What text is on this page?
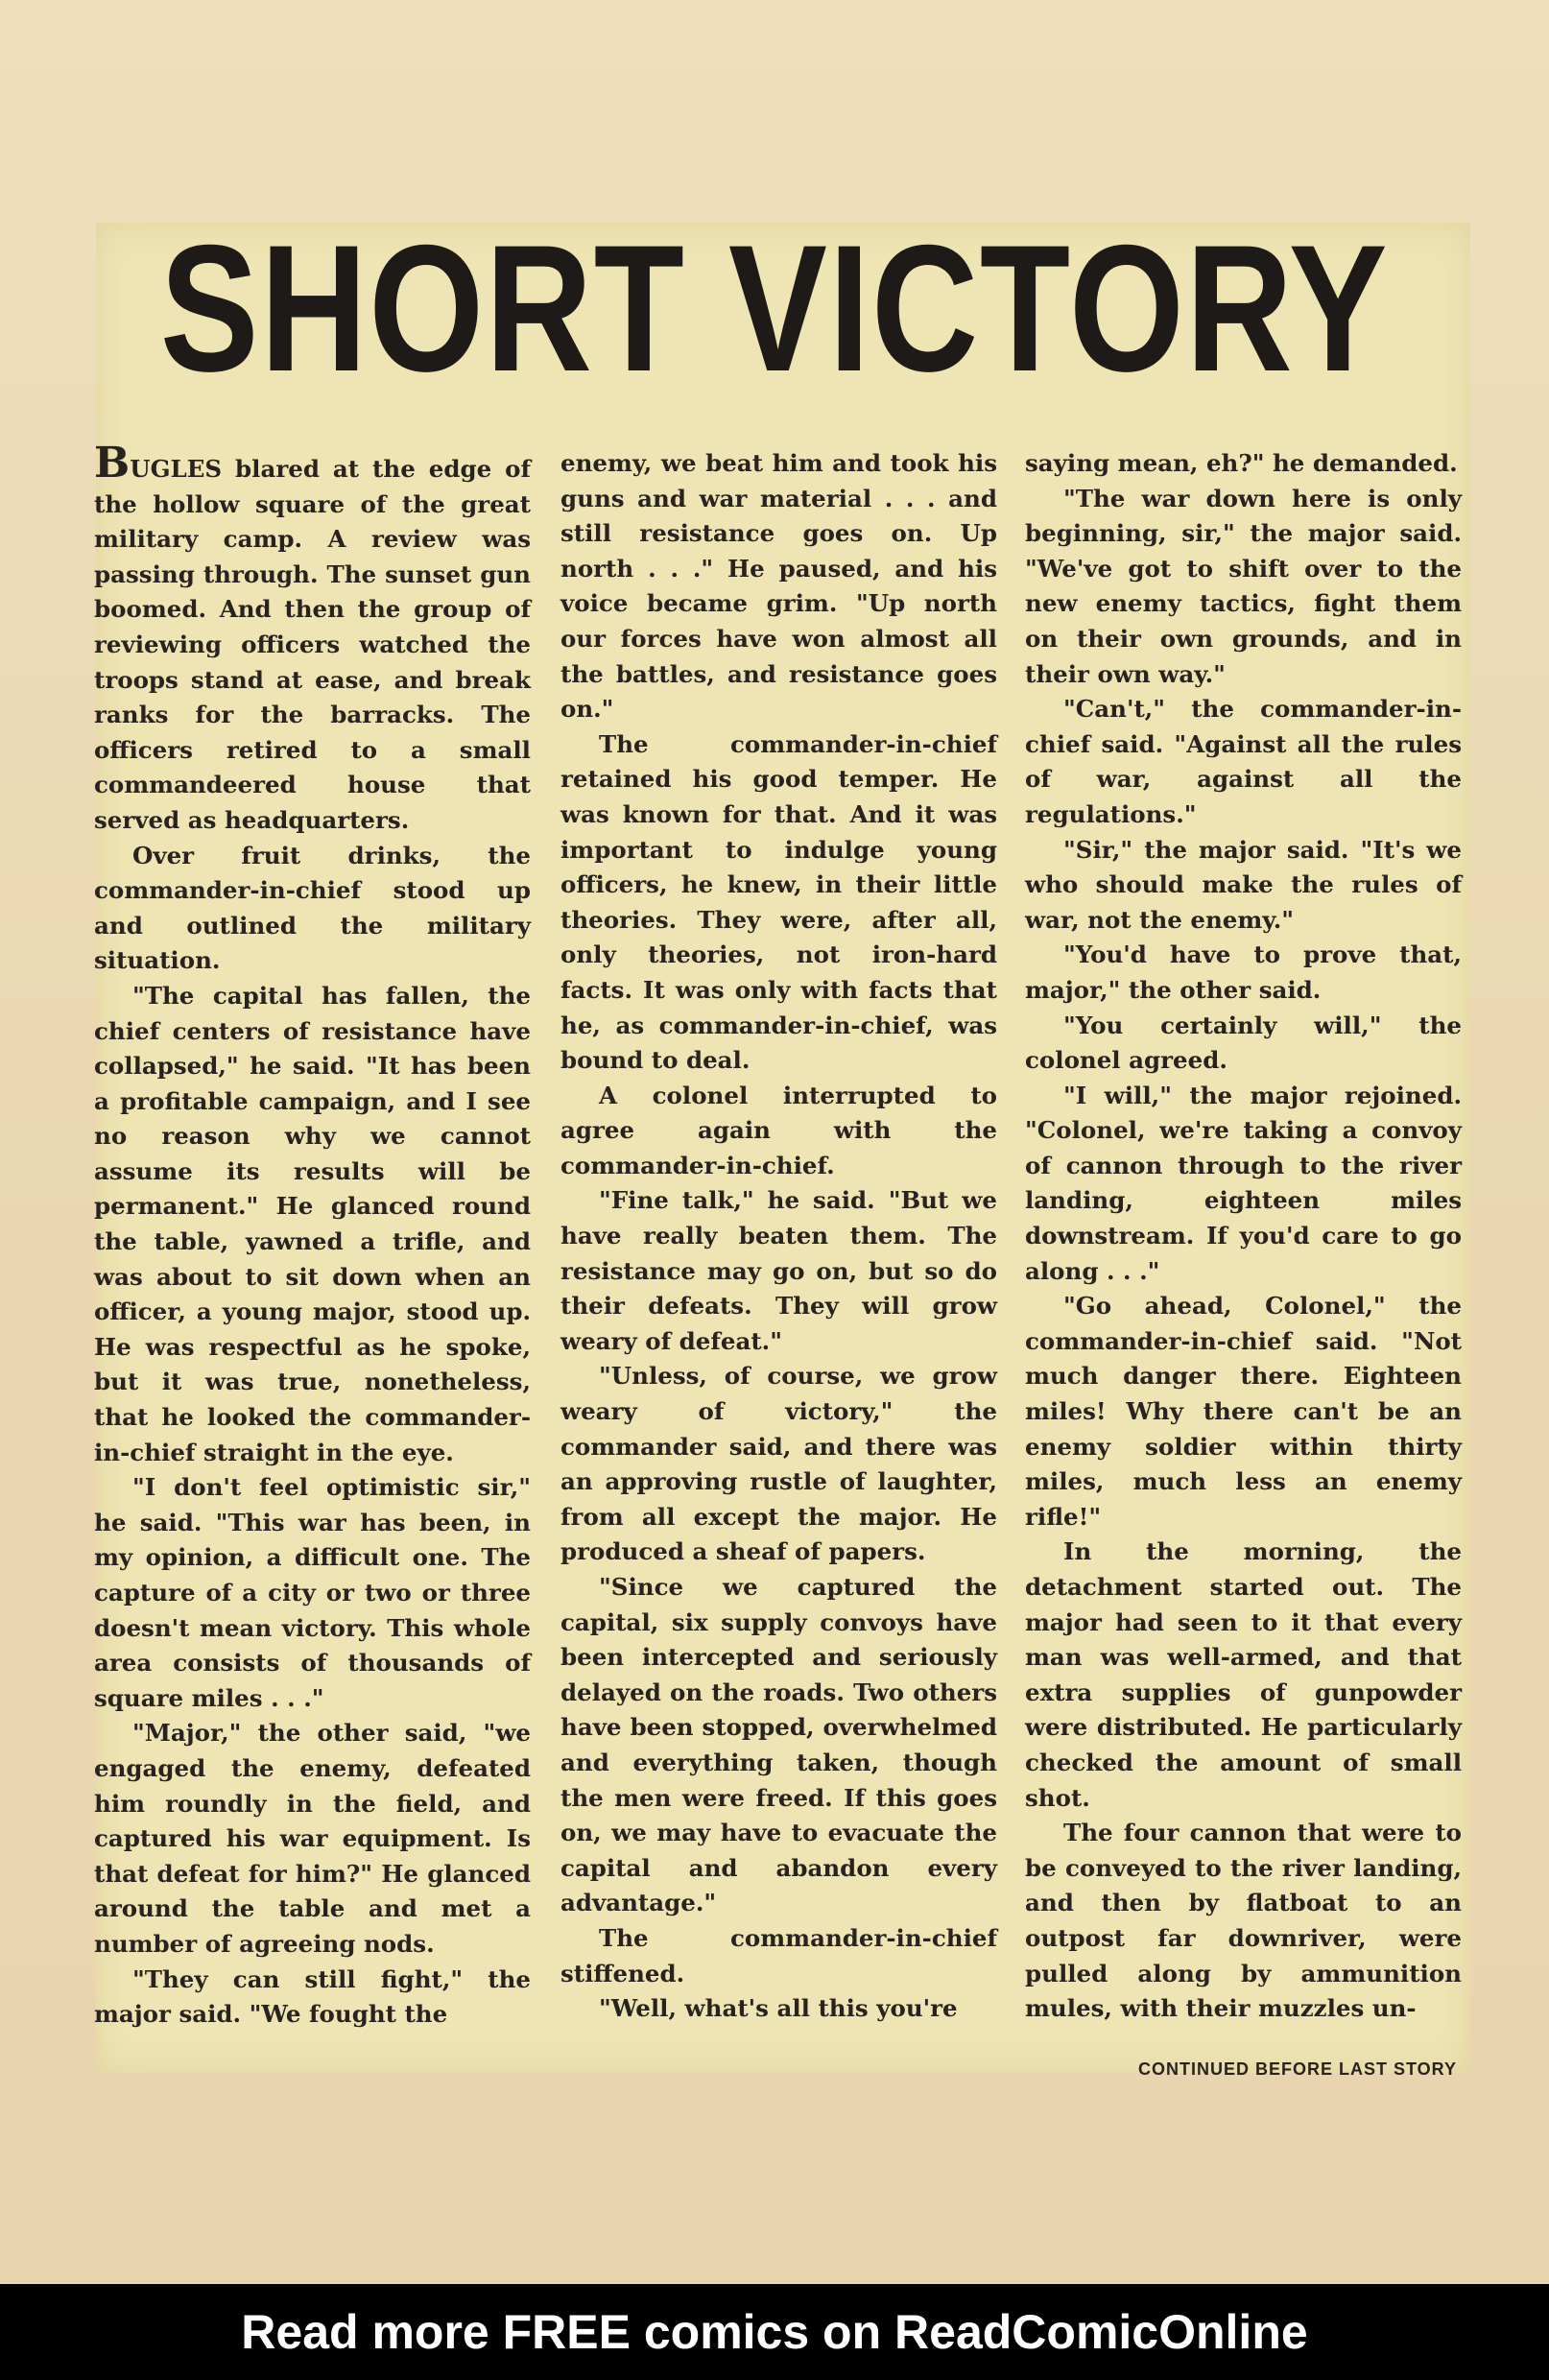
SHORT VICTORY

BUGLES blared at the edge of the hollow square of the great military camp. A review was passing through. The sunset gun boomed. And then the group of reviewing officers watched the troops stand at ease, and break ranks for the barracks. The officers retired to a small commandeered house that served as headquarters.

Over fruit drinks, the commander-in-chief stood up and outlined the military situation.

"The capital has fallen, the chief centers of resistance have collapsed," he said. "It has been a profitable campaign, and I see no reason why we cannot assume its results will be permanent." He glanced round the table, yawned a trifle, and was about to sit down when an officer, a young major, stood up. He was respectful as he spoke, but it was true, nonetheless, that he looked the commander-in-chief straight in the eye.

"I don't feel optimistic sir," he said. "This war has been, in my opinion, a difficult one. The capture of a city or two or three doesn't mean victory. This whole area consists of thousands of square miles . . ."

"Major," the other said, "we engaged the enemy, defeated him roundly in the field, and captured his war equipment. Is that defeat for him?" He glanced around the table and met a number of agreeing nods.

"They can still fight," the major said. "We fought the

enemy, we beat him and took his guns and war material . . . and still resistance goes on. Up north . . ." He paused, and his voice became grim. "Up north our forces have won almost all the battles, and resistance goes on."

The commander-in-chief retained his good temper. He was known for that. And it was important to indulge young officers, he knew, in their little theories. They were, after all, only theories, not iron-hard facts. It was only with facts that he, as commander-in-chief, was bound to deal.

A colonel interrupted to agree again with the commander-in-chief.

"Fine talk," he said. "But we have really beaten them. The resistance may go on, but so do their defeats. They will grow weary of defeat."

"Unless, of course, we grow weary of victory," the commander said, and there was an approving rustle of laughter, from all except the major. He produced a sheaf of papers.

"Since we captured the capital, six supply convoys have been intercepted and seriously delayed on the roads. Two others have been stopped, overwhelmed and everything taken, though the men were freed. If this goes on, we may have to evacuate the capital and abandon every advantage."

The commander-in-chief stiffened.

"Well, what's all this you're

saying mean, eh?" he demanded.

"The war down here is only beginning, sir," the major said. "We've got to shift over to the new enemy tactics, fight them on their own grounds, and in their own way."

"Can't," the commander-in-chief said. "Against all the rules of war, against all the regulations."

"Sir," the major said. "It's we who should make the rules of war, not the enemy."

"You'd have to prove that, major," the other said.

"You certainly will," the colonel agreed.

"I will," the major rejoined. "Colonel, we're taking a convoy of cannon through to the river landing, eighteen miles downstream. If you'd care to go along . . ."

"Go ahead, Colonel," the commander-in-chief said. "Not much danger there. Eighteen miles! Why there can't be an enemy soldier within thirty miles, much less an enemy rifle!"

In the morning, the detachment started out. The major had seen to it that every man was well-armed, and that extra supplies of gunpowder were distributed. He particularly checked the amount of small shot.

The four cannon that were to be conveyed to the river landing, and then by flatboat to an outpost far downriver, were pulled along by ammunition mules, with their muzzles un-

CONTINUED BEFORE LAST STORY
Read more FREE comics on ReadComicOnline
